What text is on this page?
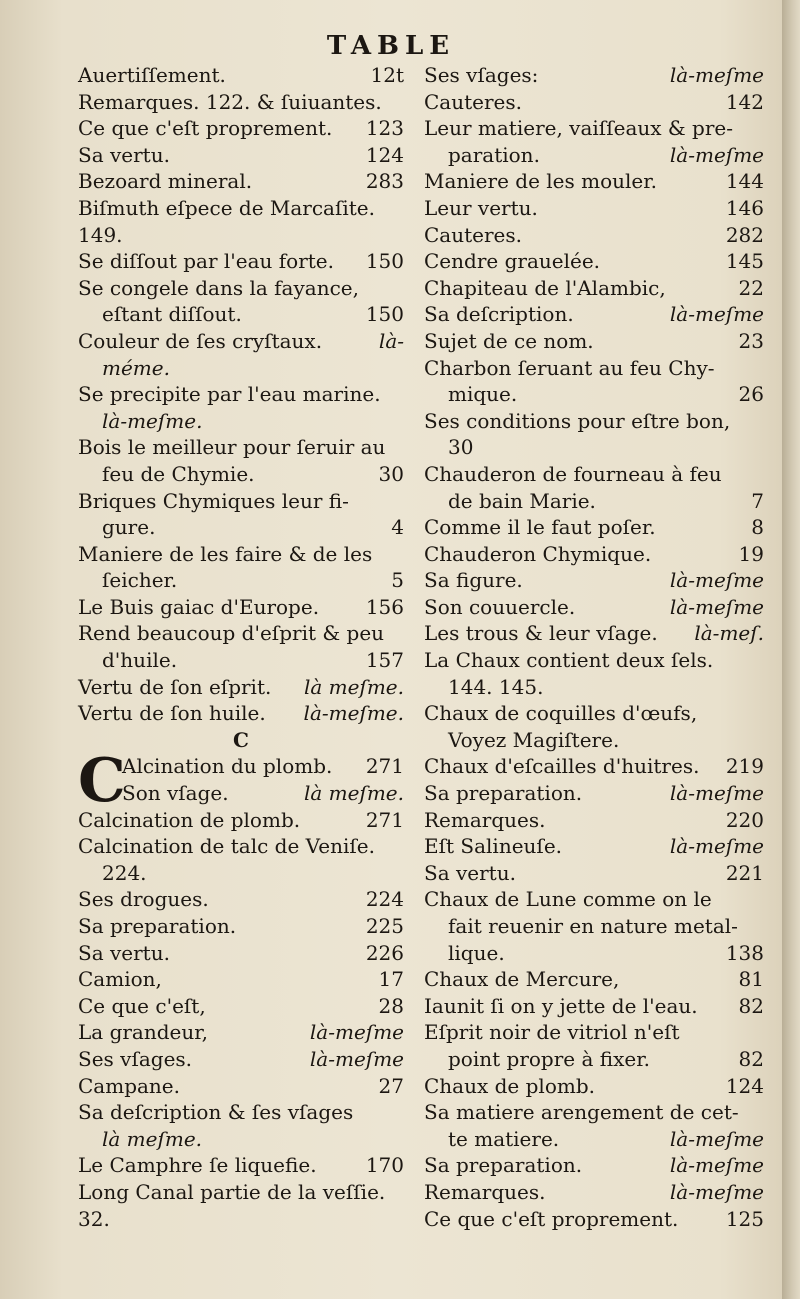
TABLE
Auertiſſement.	12t
Remarques. 122. & ſuiuantes.
Ce que c'eſt proprement. 123
Sa vertu.	124
Bezoard mineral.	283
Biſmuth eſpece de Marcaſite.
149.
Se diſſout par l'eau forte. 150
Se congele dans la fayance,
eſtant diſſout.	150
Couleur de ſes cryſtaux.	là-
méme.
Se precipite par l'eau marine.
là-meſme.
Bois le meilleur pour ſeruir au
feu de Chymie.	30
Briques Chymiques leur fi-
gure.	4
Maniere de les faire & de les
ſeicher.	5
Le Buis gaiac d'Europe. 156
Rend beaucoup d'eſprit & peu
d'huile.	157
Vertu de ſon eſprit. là meſme.
Vertu de ſon huile. là-meſme.
C
Alcination du plomb. 271
C
Son vſage.	là meſme.
Calcination de plomb.	271
Calcination de talc de Veniſe.
224.
Ses drogues.	224
Sa preparation.	225
Sa vertu.	226
Camion,	17
Ce que c'eſt,	28
La grandeur,	là-meſme
Ses vſages.	là-meſme
Campane.	27
Sa deſcription & ſes vſages
là meſme.
Le Camphre ſe liquefie. 170
Long Canal partie de la veſſie.
32.
Ses vſages:	là-meſme
Cauteres.	142
Leur matiere, vaiſſeaux & pre-
paration.	là-meſme
Maniere de les mouler.	144
Leur vertu.	146
Cauteres.	282
Cendre grauelée.	145
Chapiteau de l'Alambic,	22
Sa deſcription.	là-meſme
Sujet de ce nom.	23
Charbon ſeruant au feu Chy-
mique.	26
Ses conditions pour eſtre bon,
30
Chauderon de fourneau à feu
de bain Marie.	7
Comme il le faut poſer.	8
Chauderon Chymique.	19
Sa figure.	là-meſme
Son couuercle.	là-meſme
Les trous & leur vſage. là-meſ.
La Chaux contient deux ſels.
144. 145.
Chaux de coquilles d'œufs,
Voyez Magiſtere.
Chaux d'eſcailles d'huitres. 219
Sa preparation.	là-meſme
Remarques.	220
Eſt Salineuſe.	là-meſme
Sa vertu.	221
Chaux de Lune comme on le
fait reuenir en nature metal-
lique.	138
Chaux de Mercure,	81
Iaunit ſi on y jette de l'eau. 82
Eſprit noir de vitriol n'eſt
point propre à fixer.	82
Chaux de plomb.	124
Sa matiere arengement de cet-
te matiere.	là-meſme
Sa preparation.	là-meſme
Remarques.	là-meſme
Ce que c'eſt proprement. 125
